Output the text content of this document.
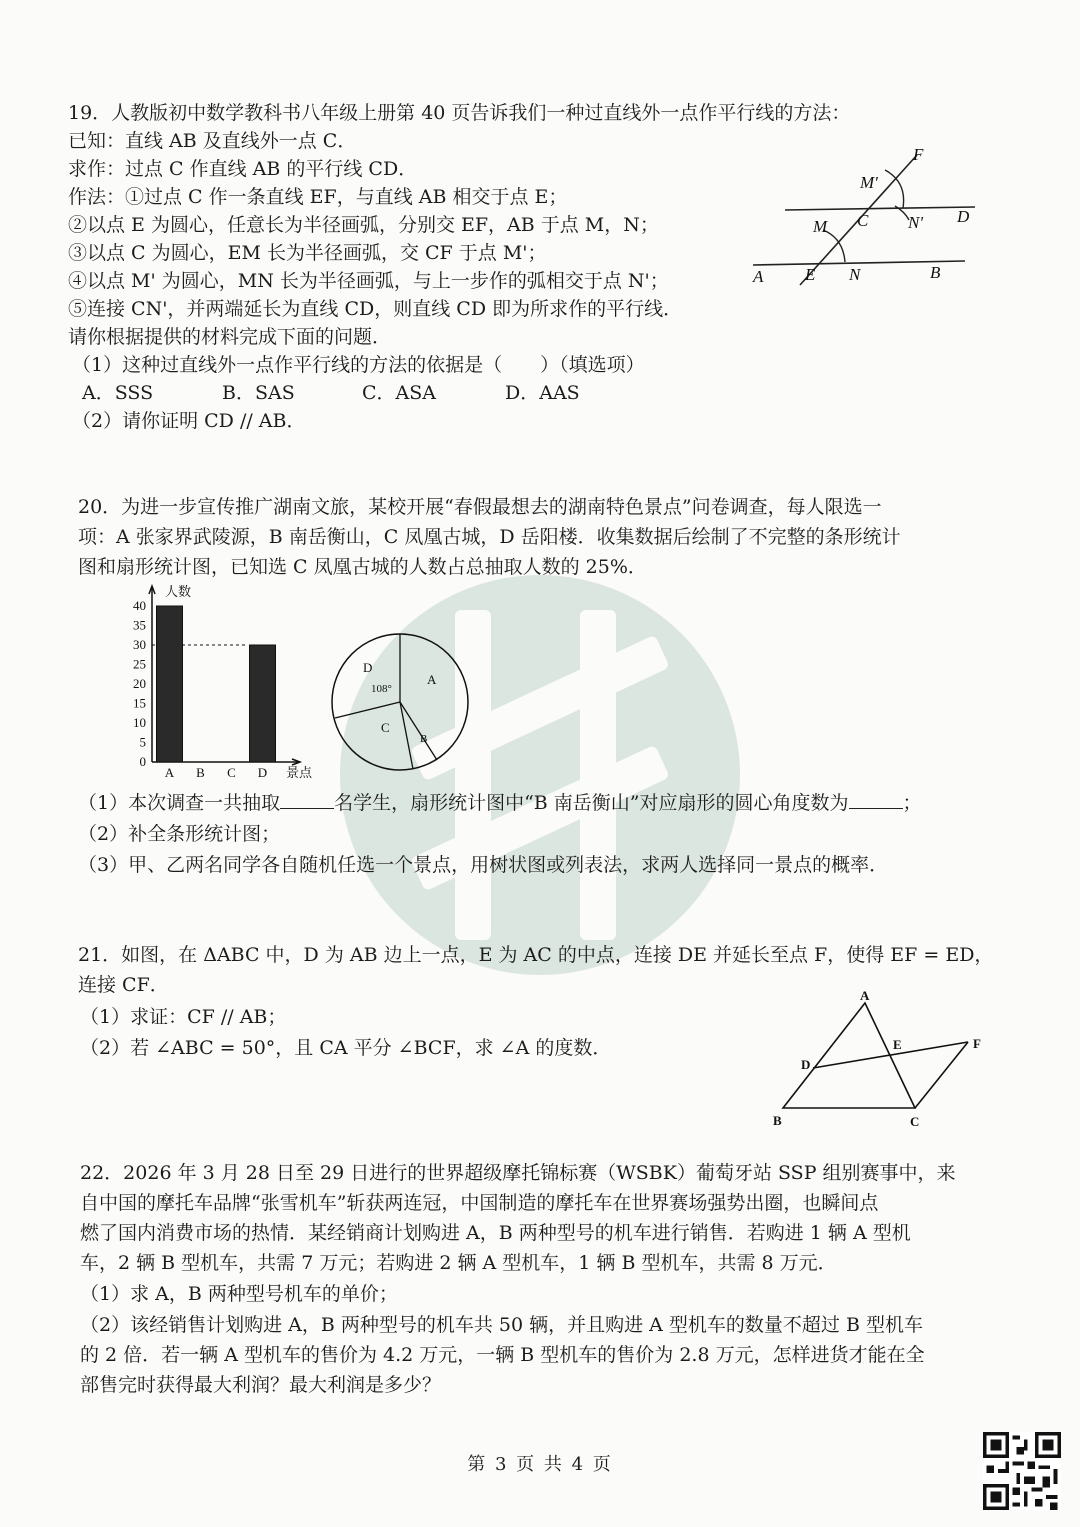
19．人教版初中数学教科书八年级上册第 40 页告诉我们一种过直线外一点作平行线的方法：
已知：直线 AB 及直线外一点 C．
求作：过点 C 作直线 AB 的平行线 CD．
作法：①过点 C 作一条直线 EF，与直线 AB 相交于点 E；
②以点 E 为圆心，任意长为半径画弧，分别交 EF，AB 于点 M，N；
③以点 C 为圆心，EM 长为半径画弧，交 CF 于点 M'；
④以点 M' 为圆心，MN 长为半径画弧，与上一步作的弧相交于点 N'；
⑤连接 CN'，并两端延长为直线 CD，则直线 CD 即为所求作的平行线．
请你根据提供的材料完成下面的问题．
（1）这种过直线外一点作平行线的方法的依据是（　　）（填选项）
A．SSS	B．SAS	C．ASA	D．AAS
（2）请你证明 CD // AB．
F
M'
M C N' D
A E N	B
20．为进一步宣传推广湖南文旅，某校开展“春假最想去的湖南特色景点”问卷调查，每人限选一
项：A 张家界武陵源，B 南岳衡山，C 凤凰古城，D 岳阳楼．收集数据后绘制了不完整的条形统计
图和扇形统计图，已知选 C 凤凰古城的人数占总抽取人数的 25%．
0
5
10
15
20
25
30
35
40
A B C D
人数
景点
D
108°
A
C
B
（1）本次调查一共抽取	名学生，扇形统计图中“B 南岳衡山”对应扇形的圆心角度数为	；
（2）补全条形统计图；
（3）甲、乙两名同学各自随机任选一个景点，用树状图或列表法，求两人选择同一景点的概率．
21．如图，在 ΔABC 中，D 为 AB 边上一点，E 为 AC 的中点，连接 DE 并延长至点 F，使得 EF = ED，
连接 CF．
（1）求证：CF // AB；
（2）若 ∠ABC = 50°，且 CA 平分 ∠BCF，求 ∠A 的度数．
A
E	F
D
B	C
22．2026 年 3 月 28 日至 29 日进行的世界超级摩托锦标赛（WSBK）葡萄牙站 SSP 组别赛事中，来
自中国的摩托车品牌“张雪机车”斩获两连冠，中国制造的摩托车在世界赛场强势出圈，也瞬间点
燃了国内消费市场的热情．某经销商计划购进 A，B 两种型号的机车进行销售．若购进 1 辆 A 型机
车，2 辆 B 型机车，共需 7 万元；若购进 2 辆 A 型机车，1 辆 B 型机车，共需 8 万元．
（1）求 A，B 两种型号机车的单价；
（2）该经销售计划购进 A，B 两种型号的机车共 50 辆，并且购进 A 型机车的数量不超过 B 型机车
的 2 倍．若一辆 A 型机车的售价为 4.2 万元，一辆 B 型机车的售价为 2.8 万元，怎样进货才能在全
部售完时获得最大利润？最大利润是多少？
第 3 页 共 4 页
